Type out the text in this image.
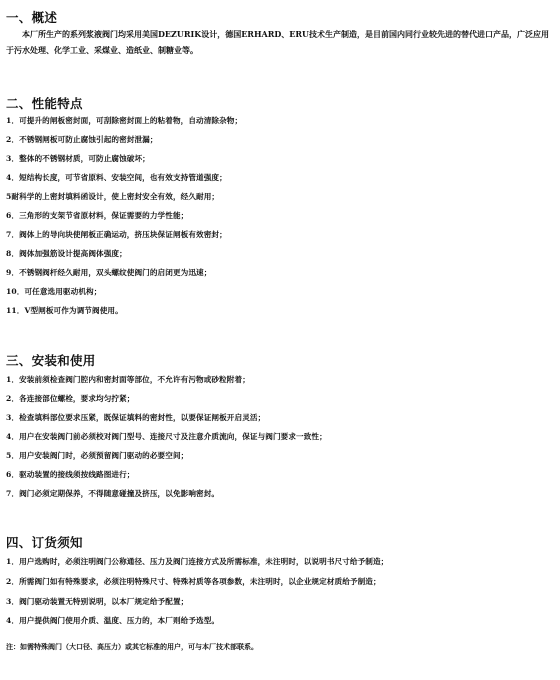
一、概述
本厂所生产的系列浆液阀门均采用美国DEZURIK设计，德国ERHARD、ERU技术生产制造，是目前国内同行业较先进的替代进口产品，广泛应用于污水处理、化学工业、采煤业、造纸业、制糖业等。
二、性能特点
1．可提升的闸板密封面，可刮除密封面上的粘着物，自动清除杂物；
2．不锈钢闸板可防止腐蚀引起的密封泄漏；
3．整体的不锈钢材质，可防止腐蚀破坏；
4．短结构长度，可节省原料、安装空间，也有效支持管道强度；
5耐科学的上密封填料函设计，使上密封安全有效，经久耐用；
6．三角形的支架节省原材料，保证需要的力学性能；
7．阀体上的导向块使闸板正确运动，挤压块保证闸板有效密封；
8．阀体加强筋设计提高阀体强度；
9．不锈钢阀杆经久耐用，双头螺纹使阀门的启闭更为迅速；
10．可任意选用驱动机构；
11．V型闸板可作为调节阀使用。
三、安装和使用
1．安装前须检查阀门腔内和密封面等部位，不允许有污物或砂粒附着；
2．各连接部位螺栓，要求均匀拧紧；
3．检查填料部位要求压紧，既保证填料的密封性，以要保证闸板开启灵活；
4．用户在安装阀门前必须校对阀门型号、连接尺寸及注意介质流向，保证与阀门要求一致性；
5．用户安装阀门时，必须预留阀门驱动的必要空间；
6．驱动装置的接线须按线路图进行；
7．阀门必须定期保养，不得随意碰撞及挤压，以免影响密封。
四、订货须知
1．用户选购时，必须注明阀门公称通径、压力及阀门连接方式及所需标准，未注明时，以说明书尺寸给予制造；
2．所需阀门如有特殊要求，必须注明特殊尺寸、特殊衬质等各项参数，未注明时，以企业规定材质给予制造；
3．阀门驱动装置无特别说明，以本厂规定给予配置；
4．用户提供阀门使用介质、温度、压力的，本厂则给予选型。
注：如需特殊阀门（大口径、高压力）或其它标准的用户，可与本厂技术部联系。
